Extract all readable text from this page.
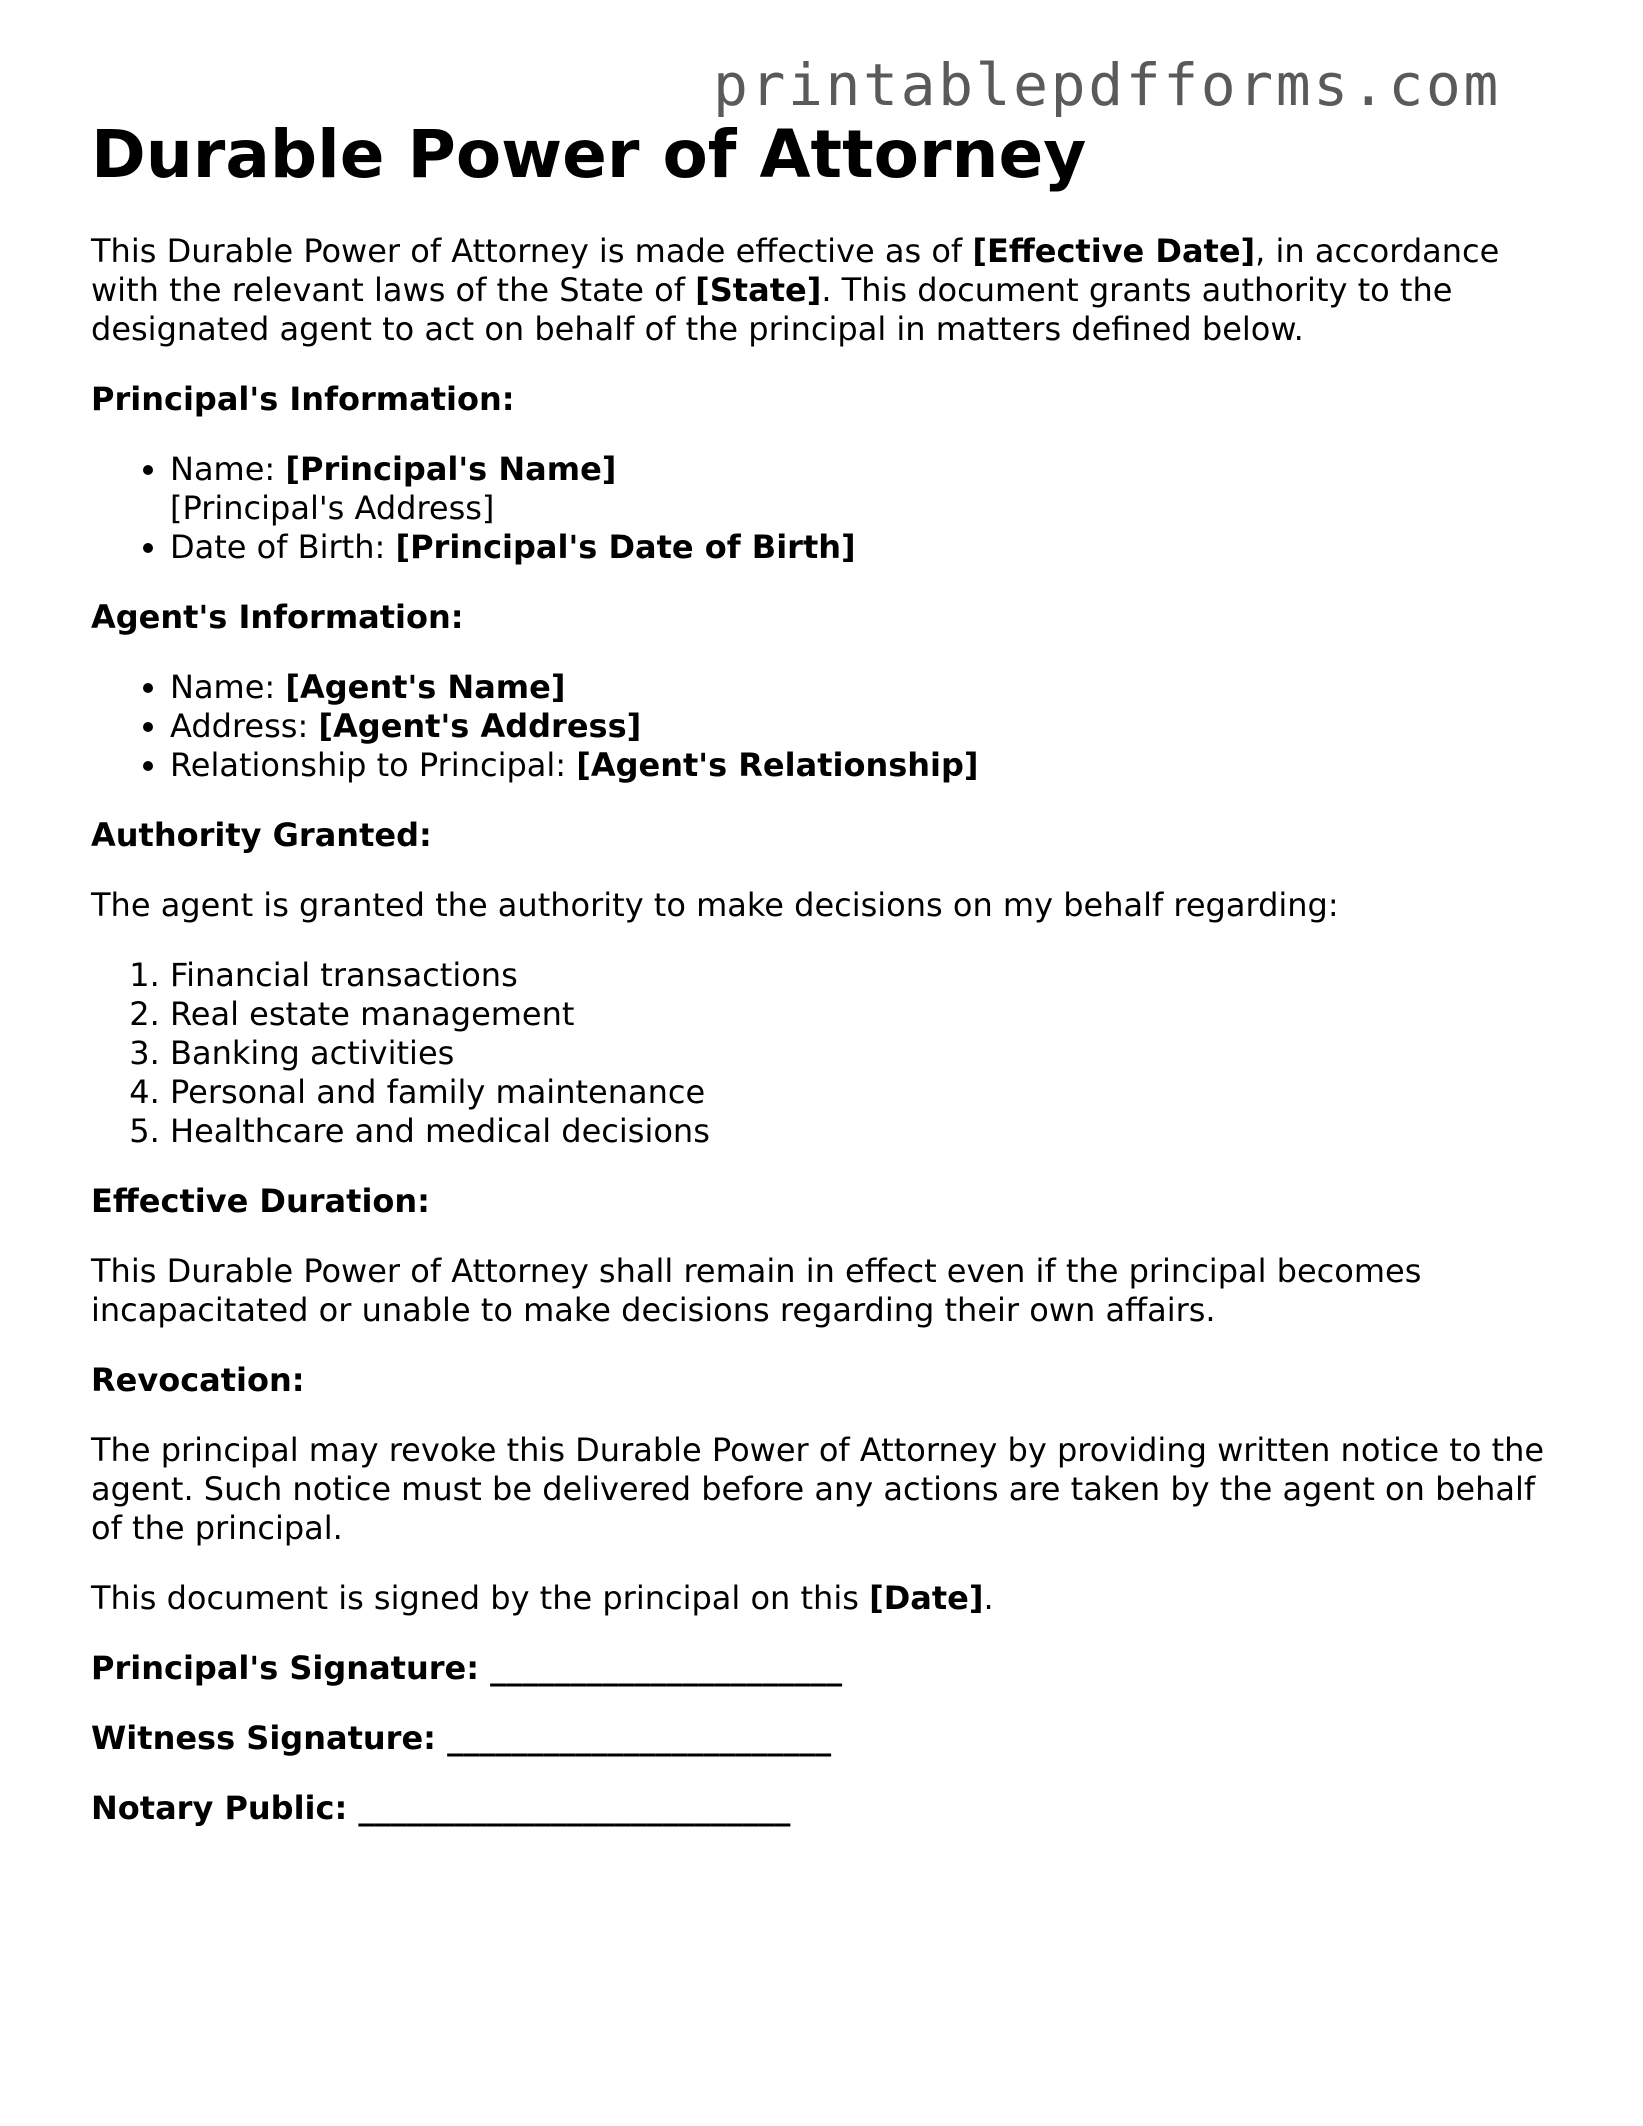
printablepdfforms.com
Durable Power of Attorney

This Durable Power of Attorney is made effective as of [Effective Date], in accordance with the relevant laws of the State of [State]. This document grants authority to the designated agent to act on behalf of the principal in matters defined below.

Principal's Information:

• Name: [Principal's Name]
[Principal's Address]
• Date of Birth: [Principal's Date of Birth]

Agent's Information:

• Name: [Agent's Name]
• Address: [Agent's Address]
• Relationship to Principal: [Agent's Relationship]

Authority Granted:

The agent is granted the authority to make decisions on my behalf regarding:

1. Financial transactions
2. Real estate management
3. Banking activities
4. Personal and family maintenance
5. Healthcare and medical decisions

Effective Duration:

This Durable Power of Attorney shall remain in effect even if the principal becomes incapacitated or unable to make decisions regarding their own affairs.

Revocation:

The principal may revoke this Durable Power of Attorney by providing written notice to the agent. Such notice must be delivered before any actions are taken by the agent on behalf of the principal.

This document is signed by the principal on this [Date].

Principal's Signature: ______________________

Witness Signature: ________________________

Notary Public: ___________________________
